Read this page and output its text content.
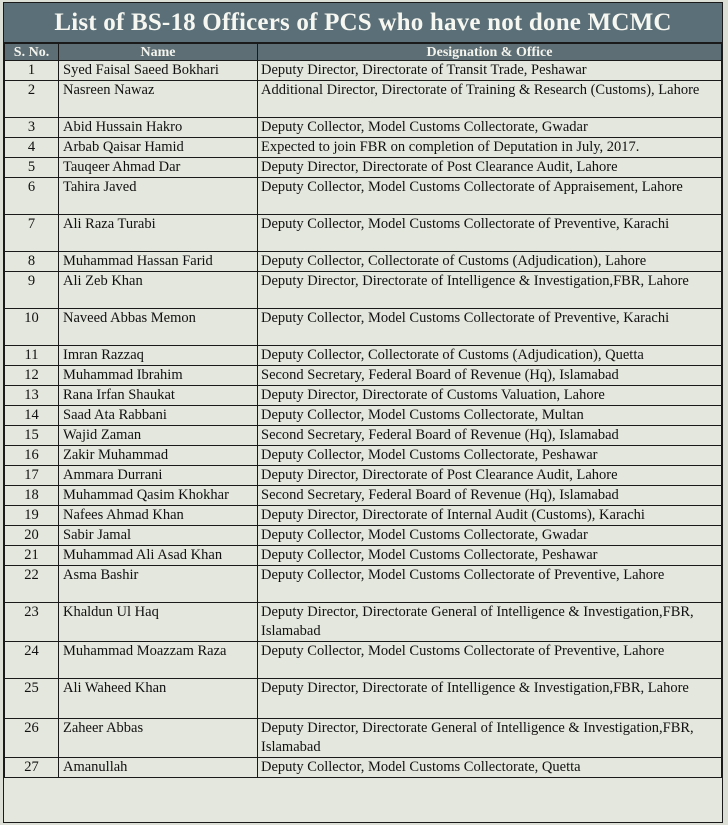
List of BS-18 Officers of PCS who have not done MCMC
S. No.	Name	Designation & Office
1	Syed Faisal Saeed Bokhari	Deputy Director, Directorate of Transit Trade, Peshawar
2	Nasreen Nawaz	Additional Director, Directorate of Training & Research (Customs), Lahore
3	Abid Hussain Hakro	Deputy Collector, Model Customs Collectorate, Gwadar
4	Arbab Qaisar Hamid	Expected to join FBR on completion of Deputation in July, 2017.
5	Tauqeer Ahmad Dar	Deputy Director, Directorate of Post Clearance Audit, Lahore
6	Tahira Javed	Deputy Collector, Model Customs Collectorate of Appraisement, Lahore
7	Ali Raza Turabi	Deputy Collector, Model Customs Collectorate of Preventive, Karachi
8	Muhammad Hassan Farid	Deputy Collector, Collectorate of Customs (Adjudication), Lahore
9	Ali Zeb Khan	Deputy Director, Directorate of Intelligence & Investigation,FBR, Lahore
10	Naveed Abbas Memon	Deputy Collector, Model Customs Collectorate of Preventive, Karachi
11	Imran Razzaq	Deputy Collector, Collectorate of Customs (Adjudication), Quetta
12	Muhammad Ibrahim	Second Secretary, Federal Board of Revenue (Hq), Islamabad
13	Rana Irfan Shaukat	Deputy Director, Directorate of Customs Valuation, Lahore
14	Saad Ata Rabbani	Deputy Collector, Model Customs Collectorate, Multan
15	Wajid Zaman	Second Secretary, Federal Board of Revenue (Hq), Islamabad
16	Zakir Muhammad	Deputy Collector, Model Customs Collectorate, Peshawar
17	Ammara Durrani	Deputy Director, Directorate of Post Clearance Audit, Lahore
18	Muhammad Qasim Khokhar	Second Secretary, Federal Board of Revenue (Hq), Islamabad
19	Nafees Ahmad Khan	Deputy Director, Directorate of Internal Audit (Customs), Karachi
20	Sabir Jamal	Deputy Collector, Model Customs Collectorate, Gwadar
21	Muhammad Ali Asad Khan	Deputy Collector, Model Customs Collectorate, Peshawar
22	Asma Bashir	Deputy Collector, Model Customs Collectorate of Preventive, Lahore
23	Khaldun Ul Haq	Deputy Director, Directorate General of Intelligence & Investigation,FBR, Islamabad
24	Muhammad Moazzam Raza	Deputy Collector, Model Customs Collectorate of Preventive, Lahore
25	Ali Waheed Khan	Deputy Director, Directorate of Intelligence & Investigation,FBR, Lahore
26	Zaheer Abbas	Deputy Director, Directorate General of Intelligence & Investigation,FBR, Islamabad
27	Amanullah	Deputy Collector, Model Customs Collectorate, Quetta
